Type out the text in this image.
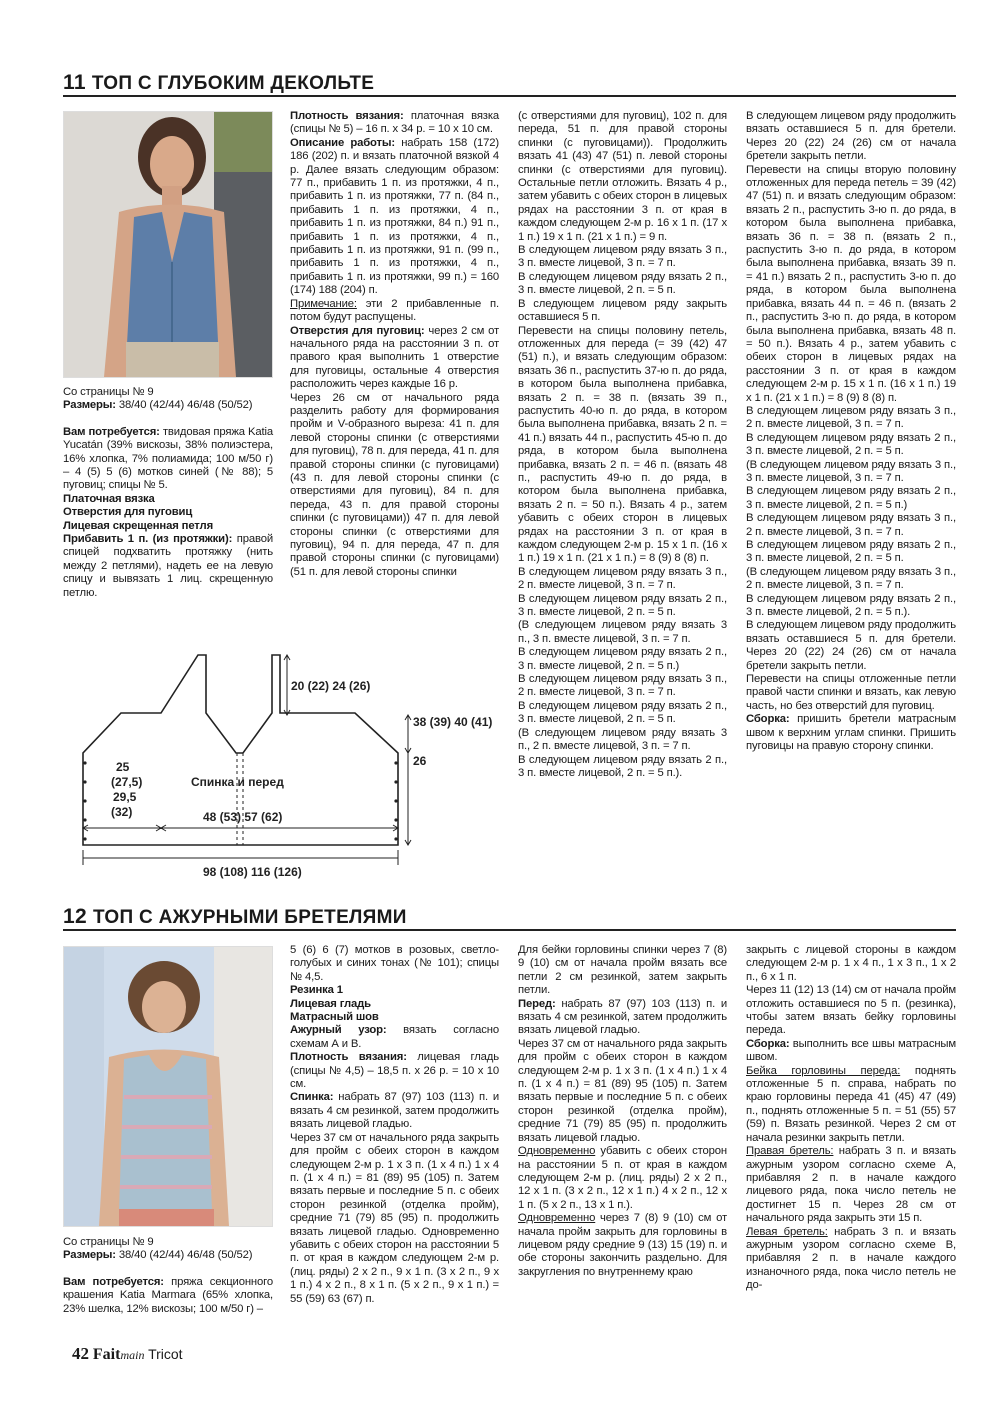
11 ТОП С ГЛУБОКИМ ДЕКОЛЬТЕ

Со страницы № 9

Размеры: 38/40 (42/44) 46/48 (50/52)

Вам потребуется: твидовая пряжа Katia Yucatán (39% вискозы, 38% полиэстера, 16% хлопка, 7% полиамида; 100 м/50 г) – 4 (5) 5 (6) мотков синей (№ 88); 5 пуговиц; спицы № 5.

Платочная вязка

Отверстия для пуговиц

Лицевая скрещенная петля

Прибавить 1 п. (из протяжки): правой спицей подхватить протяжку (нить между 2 петлями), надеть ее на левую спицу и вывязать 1 лиц. скрещенную петлю.

Плотность вязания: платочная вязка (спицы № 5) – 16 п. х 34 р. = 10 х 10 см.

Описание работы: набрать 158 (172) 186 (202) п. и вязать платочной вязкой 4 р. Далее вязать следующим образом: 77 п., прибавить 1 п. из протяжки, 4 п., прибавить 1 п. из протяжки, 77 п. (84 п., прибавить 1 п. из протяжки, 4 п., прибавить 1 п. из протяжки, 84 п.) 91 п., прибавить 1 п. из протяжки, 4 п., прибавить 1 п. из протяжки, 91 п. (99 п., прибавить 1 п. из протяжки, 4 п., прибавить 1 п. из протяжки, 99 п.) = 160 (174) 188 (204) п.

Примечание: эти 2 прибавленные п. потом будут распущены.

Отверстия для пуговиц: через 2 см от начального ряда на расстоянии 3 п. от правого края выполнить 1 отверстие для пуговицы, остальные 4 отверстия расположить через каждые 16 р.

Через 26 см от начального ряда разделить работу для формирования пройм и V-образного выреза: 41 п. для левой стороны спинки (с отверстиями для пуговиц), 78 п. для переда, 41 п. для правой стороны спинки (с пуговицами) (43 п. для левой стороны спинки (с отверстиями для пуговиц), 84 п. для переда, 43 п. для правой стороны спинки (с пуговицами)) 47 п. для левой стороны спинки (с отверстиями для пуговиц), 94 п. для переда, 47 п. для правой стороны спинки (с пуговицами) (51 п. для левой стороны спинки

(с отверстиями для пуговиц), 102 п. для переда, 51 п. для правой стороны спинки (с пуговицами)). Продолжить вязать 41 (43) 47 (51) п. левой стороны спинки (с отверстиями для пуговиц). Остальные петли отложить. Вязать 4 р., затем убавить с обеих сторон в лицевых рядах на расстоянии 3 п. от края в каждом следующем 2-м р. 16 х 1 п. (17 х 1 п.) 19 х 1 п. (21 х 1 п.) = 9 п.

В следующем лицевом ряду вязать 3 п., 3 п. вместе лицевой, 3 п. = 7 п.

В следующем лицевом ряду вязать 2 п., 3 п. вместе лицевой, 2 п. = 5 п.

В следующем лицевом ряду закрыть оставшиеся 5 п.

Перевести на спицы половину петель, отложенных для переда (= 39 (42) 47 (51) п.), и вязать следующим образом: вязать 36 п., распустить 37-ю п. до ряда, в котором была выполнена прибавка, вязать 2 п. = 38 п. (вязать 39 п., распустить 40-ю п. до ряда, в котором была выполнена прибавка, вязать 2 п. = 41 п.) вязать 44 п., распустить 45-ю п. до ряда, в котором была выполнена прибавка, вязать 2 п. = 46 п. (вязать 48 п., распустить 49-ю п. до ряда, в котором была выполнена прибавка, вязать 2 п. = 50 п.). Вязать 4 р., затем убавить с обеих сторон в лицевых рядах на расстоянии 3 п. от края в каждом следующем 2-м р. 15 х 1 п. (16 х 1 п.) 19 х 1 п. (21 х 1 п.) = 8 (9) 8 (8) п.

В следующем лицевом ряду вязать 3 п., 2 п. вместе лицевой, 3 п. = 7 п.

В следующем лицевом ряду вязать 2 п., 3 п. вместе лицевой, 2 п. = 5 п.

(В следующем лицевом ряду вязать 3 п., 3 п. вместе лицевой, 3 п. = 7 п.

В следующем лицевом ряду вязать 2 п., 3 п. вместе лицевой, 2 п. = 5 п.)

В следующем лицевом ряду вязать 3 п., 2 п. вместе лицевой, 3 п. = 7 п.

В следующем лицевом ряду вязать 2 п., 3 п. вместе лицевой, 2 п. = 5 п.

(В следующем лицевом ряду вязать 3 п., 2 п. вместе лицевой, 3 п. = 7 п.

В следующем лицевом ряду вязать 2 п., 3 п. вместе лицевой, 2 п. = 5 п.).

В следующем лицевом ряду продолжить вязать оставшиеся 5 п. для бретели. Через 20 (22) 24 (26) см от начала бретели закрыть петли.

Перевести на спицы вторую половину отложенных для переда петель = 39 (42) 47 (51) п. и вязать следующим образом: вязать 2 п., распустить 3-ю п. до ряда, в котором была выполнена прибавка, вязать 36 п. = 38 п. (вязать 2 п., распустить 3-ю п. до ряда, в котором была выполнена прибавка, вязать 39 п. = 41 п.) вязать 2 п., распустить 3-ю п. до ряда, в котором была выполнена прибавка, вязать 44 п. = 46 п. (вязать 2 п., распустить 3-ю п. до ряда, в котором была выполнена прибавка, вязать 48 п. = 50 п.). Вязать 4 р., затем убавить с обеих сторон в лицевых рядах на расстоянии 3 п. от края в каждом следующем 2-м р. 15 х 1 п. (16 х 1 п.) 19 х 1 п. (21 х 1 п.) = 8 (9) 8 (8) п.

В следующем лицевом ряду вязать 3 п., 2 п. вместе лицевой, 3 п. = 7 п.

В следующем лицевом ряду вязать 2 п., 3 п. вместе лицевой, 2 п. = 5 п.

(В следующем лицевом ряду вязать 3 п., 3 п. вместе лицевой, 3 п. = 7 п.

В следующем лицевом ряду вязать 2 п., 3 п. вместе лицевой, 2 п. = 5 п.)

В следующем лицевом ряду вязать 3 п., 2 п. вместе лицевой, 3 п. = 7 п.

В следующем лицевом ряду вязать 2 п., 3 п. вместе лицевой, 2 п. = 5 п.

(В следующем лицевом ряду вязать 3 п., 2 п. вместе лицевой, 3 п. = 7 п.

В следующем лицевом ряду вязать 2 п., 3 п. вместе лицевой, 2 п. = 5 п.).

В следующем лицевом ряду продолжить вязать оставшиеся 5 п. для бретели. Через 20 (22) 24 (26) см от начала бретели закрыть петли.

Перевести на спицы отложенные петли правой части спинки и вязать, как левую часть, но без отверстий для пуговиц.

Сборка: пришить бретели матрасным швом к верхним углам спинки. Пришить пуговицы на правую сторону спинки.

20 (22) 24 (26)
38 (39) 40 (41)
26
25
(27,5)
29,5
(32)
Спинка и перед
48 (53) 57 (62)
98 (108) 116 (126)
12 ТОП С АЖУРНЫМИ БРЕТЕЛЯМИ

Со страницы № 9

Размеры: 38/40 (42/44) 46/48 (50/52)

Вам потребуется: пряжа секционного крашения Katia Marmara (65% хлопка, 23% шелка, 12% вискозы; 100 м/50 г) –

5 (6) 6 (7) мотков в розовых, светло-голубых и синих тонах (№ 101); спицы № 4,5.

Резинка 1

Лицевая гладь

Матрасный шов

Ажурный узор: вязать согласно схемам А и В.

Плотность вязания: лицевая гладь (спицы № 4,5) – 18,5 п. х 26 р. = 10 х 10 см.

Спинка: набрать 87 (97) 103 (113) п. и вязать 4 см резинкой, затем продолжить вязать лицевой гладью.

Через 37 см от начального ряда закрыть для пройм с обеих сторон в каждом следующем 2-м р. 1 х 3 п. (1 х 4 п.) 1 х 4 п. (1 х 4 п.) = 81 (89) 95 (105) п. Затем вязать первые и последние 5 п. с обеих сторон резинкой (отделка пройм), средние 71 (79) 85 (95) п. продолжить вязать лицевой гладью. Одновременно убавить с обеих сторон на расстоянии 5 п. от края в каждом следующем 2-м р. (лиц. ряды) 2 х 2 п., 9 х 1 п. (3 х 2 п., 9 х 1 п.) 4 х 2 п., 8 х 1 п. (5 х 2 п., 9 х 1 п.) = 55 (59) 63 (67) п.

Для бейки горловины спинки через 7 (8) 9 (10) см от начала пройм вязать все петли 2 см резинкой, затем закрыть петли.

Перед: набрать 87 (97) 103 (113) п. и вязать 4 см резинкой, затем продолжить вязать лицевой гладью.

Через 37 см от начального ряда закрыть для пройм с обеих сторон в каждом следующем 2-м р. 1 х 3 п. (1 х 4 п.) 1 х 4 п. (1 х 4 п.) = 81 (89) 95 (105) п. Затем вязать первые и последние 5 п. с обеих сторон резинкой (отделка пройм), средние 71 (79) 85 (95) п. продолжить вязать лицевой гладью.

Одновременно убавить с обеих сторон на расстоянии 5 п. от края в каждом следующем 2-м р. (лиц. ряды) 2 х 2 п., 12 х 1 п. (3 х 2 п., 12 х 1 п.) 4 х 2 п., 12 х 1 п. (5 х 2 п., 13 х 1 п.).

Одновременно через 7 (8) 9 (10) см от начала пройм закрыть для горловины в лицевом ряду средние 9 (13) 15 (19) п. и обе стороны закончить раздельно. Для закругления по внутреннему краю

закрыть с лицевой стороны в каждом следующем 2-м р. 1 х 4 п., 1 х 3 п., 1 х 2 п., 6 х 1 п.

Через 11 (12) 13 (14) см от начала пройм отложить оставшиеся по 5 п. (резинка), чтобы затем вязать бейку горловины переда.

Сборка: выполнить все швы матрасным швом.

Бейка горловины переда: поднять отложенные 5 п. справа, набрать по краю горловины переда 41 (45) 47 (49) п., поднять отложенные 5 п. = 51 (55) 57 (59) п. Вязать резинкой. Через 2 см от начала резинки закрыть петли.

Правая бретель: набрать 3 п. и вязать ажурным узором согласно схеме А, прибавляя 2 п. в начале каждого лицевого ряда, пока число петель не достигнет 15 п. Через 28 см от начального ряда закрыть эти 15 п.

Левая бретель: набрать 3 п. и вязать ажурным узором согласно схеме В, прибавляя 2 п. в начале каждого изнаночного ряда, пока число петель не до-

42 Faitmain Tricot
